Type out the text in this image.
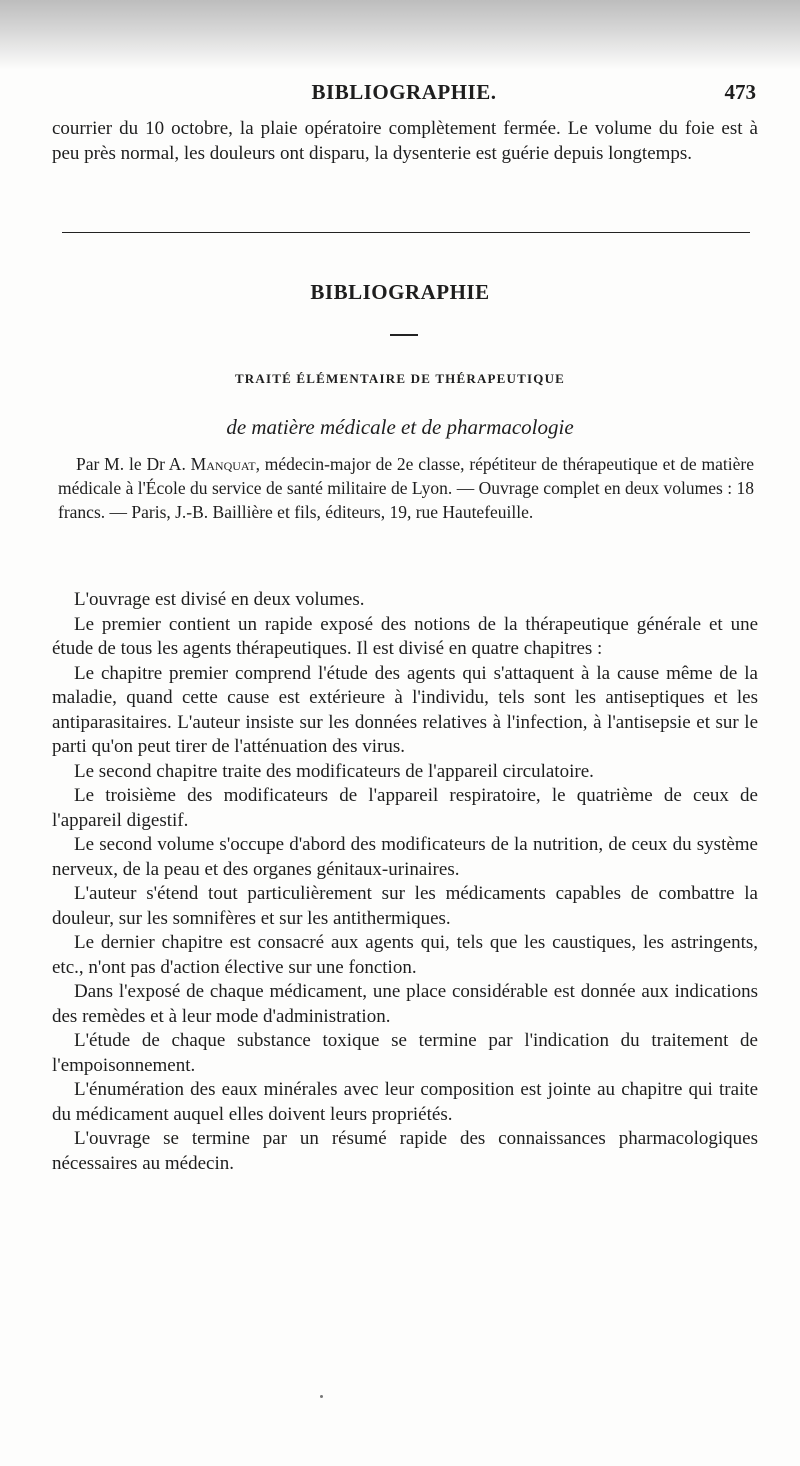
BIBLIOGRAPHIE.	473

courrier du 10 octobre, la plaie opératoire complètement fermée. Le volume du foie est à peu près normal, les douleurs ont disparu, la dysenterie est guérie depuis longtemps.

BIBLIOGRAPHIE
TRAITÉ ÉLÉMENTAIRE DE THÉRAPEUTIQUE
de matière médicale et de pharmacologie

Par M. le Dr A. Manquat, médecin-major de 2e classe, répétiteur de thérapeutique et de matière médicale à l'École du service de santé militaire de Lyon. — Ouvrage complet en deux volumes : 18 francs. — Paris, J.-B. Baillière et fils, éditeurs, 19, rue Hautefeuille.

L'ouvrage est divisé en deux volumes.

Le premier contient un rapide exposé des notions de la thérapeutique générale et une étude de tous les agents thérapeutiques. Il est divisé en quatre chapitres :

Le chapitre premier comprend l'étude des agents qui s'attaquent à la cause même de la maladie, quand cette cause est extérieure à l'individu, tels sont les antiseptiques et les antiparasitaires. L'auteur insiste sur les données relatives à l'infection, à l'antisepsie et sur le parti qu'on peut tirer de l'atténuation des virus.

Le second chapitre traite des modificateurs de l'appareil circulatoire.

Le troisième des modificateurs de l'appareil respiratoire, le quatrième de ceux de l'appareil digestif.

Le second volume s'occupe d'abord des modificateurs de la nutrition, de ceux du système nerveux, de la peau et des organes génitaux-urinaires.

L'auteur s'étend tout particulièrement sur les médicaments capables de combattre la douleur, sur les somnifères et sur les antithermiques.

Le dernier chapitre est consacré aux agents qui, tels que les caustiques, les astringents, etc., n'ont pas d'action élective sur une fonction.

Dans l'exposé de chaque médicament, une place considérable est donnée aux indications des remèdes et à leur mode d'administration.

L'étude de chaque substance toxique se termine par l'indication du traitement de l'empoisonnement.

L'énumération des eaux minérales avec leur composition est jointe au chapitre qui traite du médicament auquel elles doivent leurs propriétés.

L'ouvrage se termine par un résumé rapide des connaissances pharmacologiques nécessaires au médecin.
